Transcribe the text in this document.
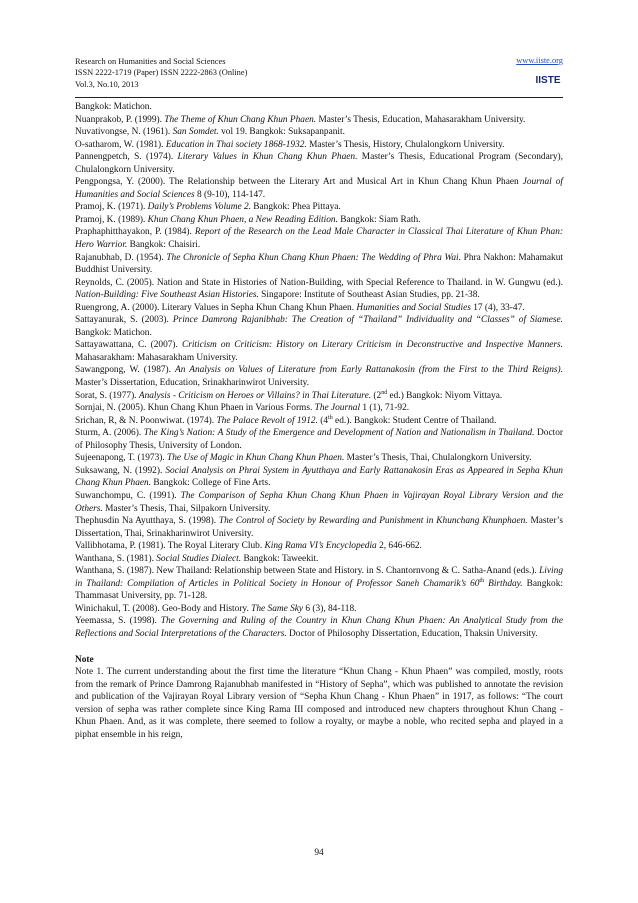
Research on Humanities and Social Sciences
ISSN 2222-1719 (Paper) ISSN 2222-2863 (Online)
Vol.3, No.10, 2013
www.iiste.org
IISTE
Bangkok: Matichon.
Nuanprakob, P. (1999). The Theme of Khun Chang Khun Phaen. Master’s Thesis, Education, Mahasarakham University.
Nuvativongse, N. (1961). San Somdet. vol 19. Bangkok: Suksapanpanit.
O-satharom, W. (1981). Education in Thai society 1868-1932. Master’s Thesis, History, Chulalongkorn University.
Pannengpetch, S. (1974). Literary Values in Khun Chang Khun Phaen. Master’s Thesis, Educational Program (Secondary), Chulalongkorn University.
Pengpongsa, Y. (2000). The Relationship between the Literary Art and Musical Art in Khun Chang Khun Phaen Journal of Humanities and Social Sciences 8 (9-10), 114-147.
Pramoj, K. (1971). Daily’s Problems Volume 2. Bangkok: Phea Pittaya.
Pramoj, K. (1989). Khun Chang Khun Phaen, a New Reading Edition. Bangkok: Siam Rath.
Praphaphitthayakon, P. (1984). Report of the Research on the Lead Male Character in Classical Thai Literature of Khun Phan: Hero Warrior. Bangkok: Chaisiri.
Rajanubhab, D. (1954). The Chronicle of Sepha Khun Chang Khun Phaen: The Wedding of Phra Wai. Phra Nakhon: Mahamakut Buddhist University.
Reynolds, C. (2005). Nation and State in Histories of Nation-Building, with Special Reference to Thailand. in W. Gungwu (ed.). Nation-Building: Five Southeast Asian Histories. Singapore: Institute of Southeast Asian Studies, pp. 21-38.
Ruengrong, A. (2000). Literary Values in Sepha Khun Chang Khun Phaen. Humanities and Social Studies 17 (4), 33-47.
Sattayanurak, S. (2003). Prince Damrong Rajanibhab: The Creation of “Thailand” Individuality and “Classes” of Siamese. Bangkok: Matichon.
Sattayawattana, C. (2007). Criticism on Criticism: History on Literary Criticism in Deconstructive and Inspective Manners. Mahasarakham: Mahasarakham University.
Sawangpong, W. (1987). An Analysis on Values of Literature from Early Rattanakosin (from the First to the Third Reigns). Master’s Dissertation, Education, Srinakharinwirot University.
Sorat, S. (1977). Analysis - Criticism on Heroes or Villains? in Thai Literature. (2nd ed.) Bangkok: Niyom Vittaya.
Sornjai, N. (2005). Khun Chang Khun Phaen in Various Forms. The Journal 1 (1), 71-92.
Srichan, R, & N. Poonwiwat. (1974). The Palace Revolt of 1912. (4th ed.). Bangkok: Student Centre of Thailand.
Sturm, A. (2006). The King’s Nation: A Study of the Emergence and Development of Nation and Nationalism in Thailand. Doctor of Philosophy Thesis, University of London.
Sujeenapong, T. (1973). The Use of Magic in Khun Chang Khun Phaen. Master’s Thesis, Thai, Chulalongkorn University.
Suksawang, N. (1992). Social Analysis on Phrai System in Ayutthaya and Early Rattanakosin Eras as Appeared in Sepha Khun Chang Khun Phaen. Bangkok: College of Fine Arts.
Suwanchompu, C. (1991). The Comparison of Sepha Khun Chang Khun Phaen in Vajirayan Royal Library Version and the Others. Master’s Thesis, Thai, Silpakorn University.
Thephusdin Na Ayutthaya, S. (1998). The Control of Society by Rewarding and Punishment in Khunchang Khunphaen. Master’s Dissertation, Thai, Srinakharinwirot University.
Vallibhotama, P. (1981). The Royal Literary Club. King Rama VI’s Encyclopedia 2, 646-662.
Wanthana, S. (1981). Social Studies Dialect. Bangkok: Taweekit.
Wanthana, S. (1987). New Thailand: Relationship between State and History. in S. Chantornvong & C. Satha-Anand (eds.). Living in Thailand: Compilation of Articles in Political Society in Honour of Professor Saneh Chamarik’s 60th Birthday. Bangkok: Thammasat University, pp. 71-128.
Winichakul, T. (2008). Geo-Body and History. The Same Sky 6 (3), 84-118.
Yeemassa, S. (1998). The Governing and Ruling of the Country in Khun Chang Khun Phaen: An Analytical Study from the Reflections and Social Interpretations of the Characters. Doctor of Philosophy Dissertation, Education, Thaksin University.
Note
Note 1. The current understanding about the first time the literature “Khun Chang - Khun Phaen” was compiled, mostly, roots from the remark of Prince Damrong Rajanubhab manifested in “History of Sepha”, which was published to annotate the revision and publication of the Vajirayan Royal Library version of “Sepha Khun Chang - Khun Phaen” in 1917, as follows: “The court version of sepha was rather complete since King Rama III composed and introduced new chapters throughout Khun Chang - Khun Phaen. And, as it was complete, there seemed to follow a royalty, or maybe a noble, who recited sepha and played in a piphat ensemble in his reign,
94
